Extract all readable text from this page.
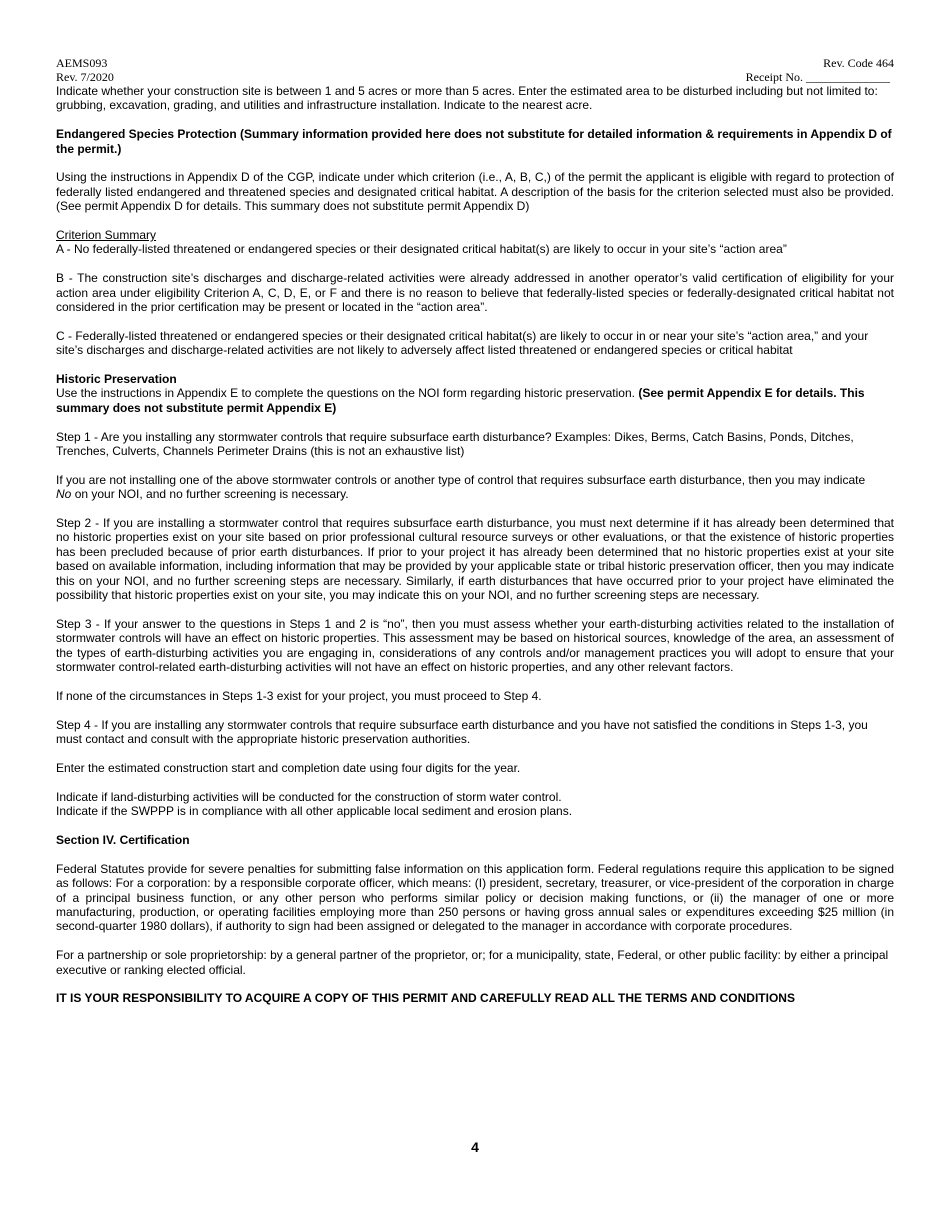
AEMS093	Rev. Code 464
Rev. 7/2020	Receipt No. ______________

Indicate whether your construction site is between 1 and 5 acres or more than 5 acres. Enter the estimated area to be disturbed including but not limited to: grubbing, excavation, grading, and utilities and infrastructure installation. Indicate to the nearest acre.

Endangered Species Protection (Summary information provided here does not substitute for detailed information & requirements in Appendix D of the permit.)

Using the instructions in Appendix D of the CGP, indicate under which criterion (i.e., A, B, C,) of the permit the applicant is eligible with regard to protection of federally listed endangered and threatened species and designated critical habitat. A description of the basis for the criterion selected must also be provided. (See permit Appendix D for details. This summary does not substitute permit Appendix D)

Criterion Summary

A - No federally-listed threatened or endangered species or their designated critical habitat(s) are likely to occur in your site’s “action area”

B - The construction site’s discharges and discharge-related activities were already addressed in another operator’s valid certification of eligibility for your action area under eligibility Criterion A, C, D, E, or F and there is no reason to believe that federally-listed species or federally-designated critical habitat not considered in the prior certification may be present or located in the “action area”.

C - Federally-listed threatened or endangered species or their designated critical habitat(s) are likely to occur in or near your site’s “action area,” and your site’s discharges and discharge-related activities are not likely to adversely affect listed threatened or endangered species or critical habitat

Historic Preservation

Use the instructions in Appendix E to complete the questions on the NOI form regarding historic preservation. (See permit Appendix E for details. This summary does not substitute permit Appendix E)

Step 1 - Are you installing any stormwater controls that require subsurface earth disturbance? Examples: Dikes, Berms, Catch Basins, Ponds, Ditches, Trenches, Culverts, Channels Perimeter Drains (this is not an exhaustive list)

If you are not installing one of the above stormwater controls or another type of control that requires subsurface earth disturbance, then you may indicate
No on your NOI, and no further screening is necessary.

Step 2 - If you are installing a stormwater control that requires subsurface earth disturbance, you must next determine if it has already been determined that no historic properties exist on your site based on prior professional cultural resource surveys or other evaluations, or that the existence of historic properties has been precluded because of prior earth disturbances. If prior to your project it has already been determined that no historic properties exist at your site based on available information, including information that may be provided by your applicable state or tribal historic preservation officer, then you may indicate this on your NOI, and no further screening steps are necessary. Similarly, if earth disturbances that have occurred prior to your project have eliminated the possibility that historic properties exist on your site, you may indicate this on your NOI, and no further screening steps are necessary.

Step 3 - If your answer to the questions in Steps 1 and 2 is “no”, then you must assess whether your earth-disturbing activities related to the installation of stormwater controls will have an effect on historic properties. This assessment may be based on historical sources, knowledge of the area, an assessment of the types of earth-disturbing activities you are engaging in, considerations of any controls and/or management practices you will adopt to ensure that your stormwater control-related earth-disturbing activities will not have an effect on historic properties, and any other relevant factors.

If none of the circumstances in Steps 1-3 exist for your project, you must proceed to Step 4.

Step 4 - If you are installing any stormwater controls that require subsurface earth disturbance and you have not satisfied the conditions in Steps 1-3, you must contact and consult with the appropriate historic preservation authorities.

Enter the estimated construction start and completion date using four digits for the year.

Indicate if land-disturbing activities will be conducted for the construction of storm water control.

Indicate if the SWPPP is in compliance with all other applicable local sediment and erosion plans.

Section IV. Certification

Federal Statutes provide for severe penalties for submitting false information on this application form. Federal regulations require this application to be signed as follows: For a corporation: by a responsible corporate officer, which means: (I) president, secretary, treasurer, or vice-president of the corporation in charge of a principal business function, or any other person who performs similar policy or decision making functions, or (ii) the manager of one or more manufacturing, production, or operating facilities employing more than 250 persons or having gross annual sales or expenditures exceeding $25 million (in second-quarter 1980 dollars), if authority to sign had been assigned or delegated to the manager in accordance with corporate procedures.

For a partnership or sole proprietorship: by a general partner of the proprietor, or; for a municipality, state, Federal, or other public facility: by either a principal executive or ranking elected official.

IT IS YOUR RESPONSIBILITY TO ACQUIRE A COPY OF THIS PERMIT AND CAREFULLY READ ALL THE TERMS AND CONDITIONS

4
